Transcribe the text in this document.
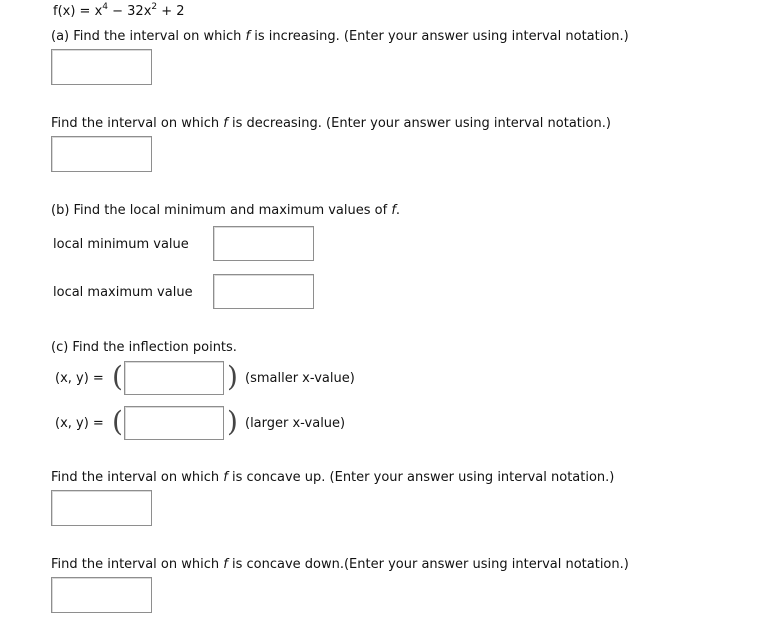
$f(x) = x^4 - 32x^2 + 2$
(a) Find the interval on which f is increasing. (Enter your answer using interval notation.)
Find the interval on which f is decreasing. (Enter your answer using interval notation.)
(b) Find the local minimum and maximum values of f.
local minimum value
local maximum value
(c) Find the inflection points.
(x, y) = (	) (smaller x-value)
(x, y) = (	) (larger x-value)
Find the interval on which f is concave up. (Enter your answer using interval notation.)
Find the interval on which f is concave down.(Enter your answer using interval notation.)
